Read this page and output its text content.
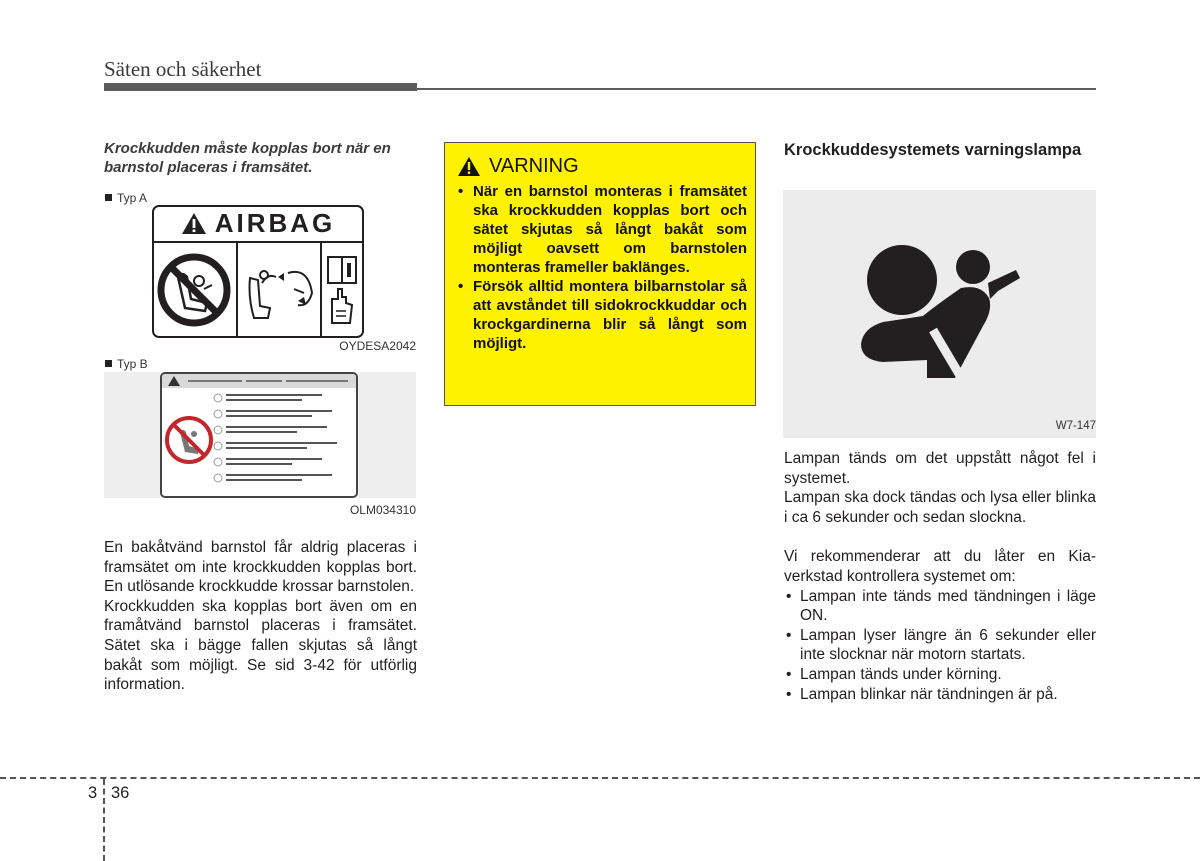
Säten och säkerhet
Krockkudden måste kopplas bort när en barnstol placeras i framsätet.
Typ A
AIRBAG
OYDESA2042
Typ B
OLM034310

En bakåtvänd barnstol får aldrig placeras i framsätet om inte krockkudden kopplas bort. En utlösande krockkudde krossar barnstolen.

Krockkudden ska kopplas bort även om en framåtvänd barnstol placeras i framsätet. Sätet ska i bägge fallen skjutas så långt bakåt som möjligt. Se sid 3-42 för utförlig information.

VARNING
• När en barnstol monteras i framsätet ska krockkudden kopplas bort och sätet skjutas så långt bakåt som möjligt oavsett om barnstolen monteras frameller baklänges.
• Försök alltid montera bilbarnstolar så att avståndet till sidokrockkuddar och krockgardinerna blir så långt som möjligt.
Krockkuddesystemets varningslampa
W7-147

Lampan tänds om det uppstått något fel i systemet.

Lampan ska dock tändas och lysa eller blinka i ca 6 sekunder och sedan slockna.

Vi rekommenderar att du låter en Kia-verkstad kontrollera systemet om:

• Lampan inte tänds med tändningen i läge ON.
• Lampan lyser längre än 6 sekunder eller inte slocknar när motorn startats.
• Lampan tänds under körning.
• Lampan blinkar när tändningen är på.
3 36
